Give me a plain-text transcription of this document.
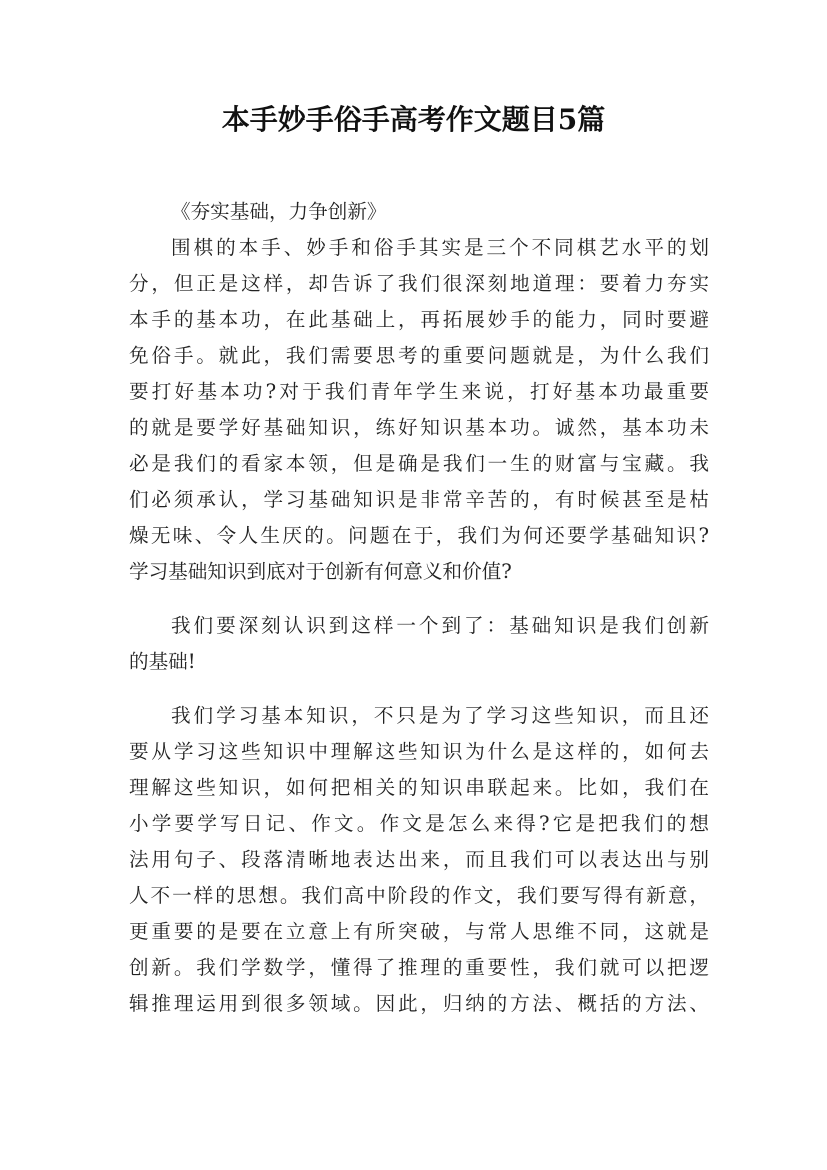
本手妙手俗手高考作文题目5篇

《夯实基础，力争创新》

围棋的本手、妙手和俗手其实是三个不同棋艺水平的划

分，但正是这样，却告诉了我们很深刻地道理：要着力夯实

本手的基本功，在此基础上，再拓展妙手的能力，同时要避

免俗手。就此，我们需要思考的重要问题就是，为什么我们

要打好基本功?对于我们青年学生来说，打好基本功最重要

的就是要学好基础知识，练好知识基本功。诚然，基本功未

必是我们的看家本领，但是确是我们一生的财富与宝藏。我

们必须承认，学习基础知识是非常辛苦的，有时候甚至是枯

燥无味、令人生厌的。问题在于，我们为何还要学基础知识?

学习基础知识到底对于创新有何意义和价值?

我们要深刻认识到这样一个到了：基础知识是我们创新

的基础!

我们学习基本知识，不只是为了学习这些知识，而且还

要从学习这些知识中理解这些知识为什么是这样的，如何去

理解这些知识，如何把相关的知识串联起来。比如，我们在

小学要学写日记、作文。作文是怎么来得?它是把我们的想

法用句子、段落清晰地表达出来，而且我们可以表达出与别

人不一样的思想。我们高中阶段的作文，我们要写得有新意，

更重要的是要在立意上有所突破，与常人思维不同，这就是

创新。我们学数学，懂得了推理的重要性，我们就可以把逻

辑推理运用到很多领域。因此，归纳的方法、概括的方法、
